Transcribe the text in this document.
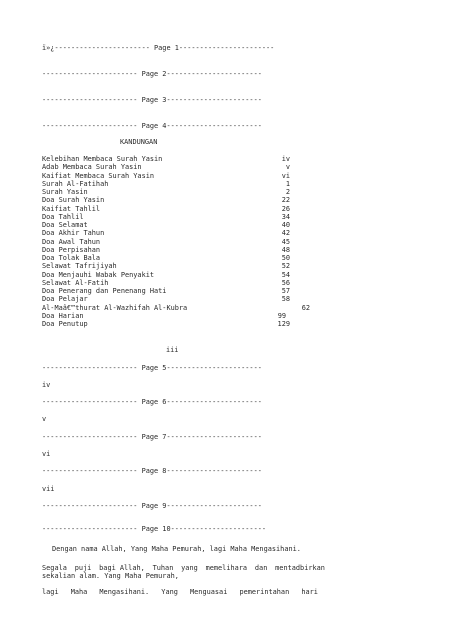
ï»¿----------------------- Page 1-----------------------
----------------------- Page 2-----------------------
----------------------- Page 3-----------------------
----------------------- Page 4-----------------------
KANDUNGAN
Kelebihan Membaca Surah Yasin	iv
Adab Membaca Surah Yasin	v
Kaifiat Membaca Surah Yasin	vi
Surah Al-Fatihah	1
Surah Yasin	2
Doa Surah Yasin	22
Kaifiat Tahlil	26
Doa Tahlil	34
Doa Selamat	40
Doa Akhir Tahun	42
Doa Awal Tahun	45
Doa Perpisahan	48
Doa Tolak Bala	50
Selawat Tafrijiyah	52
Doa Menjauhi Wabak Penyakit	54
Selawat Al-Fatih	56
Doa Penerang dan Penenang Hati	57
Doa Pelajar	58
Al-Maâ€™thurat Al-Wazhifah Al-Kubra	62
Doa Harian	99
Doa Penutup	129
iii
----------------------- Page 5-----------------------
iv
----------------------- Page 6-----------------------
v
----------------------- Page 7-----------------------
vi
----------------------- Page 8-----------------------
vii
----------------------- Page 9-----------------------
----------------------- Page 10-----------------------
Dengan nama Allah, Yang Maha Pemurah, lagi Maha Mengasihani.
Segala puji bagi Allah, Tuhan yang memelihara dan mentadbirkan
sekalian alam. Yang Maha Pemurah,
lagi Maha Mengasihani. Yang Menguasai pemerintahan hari
